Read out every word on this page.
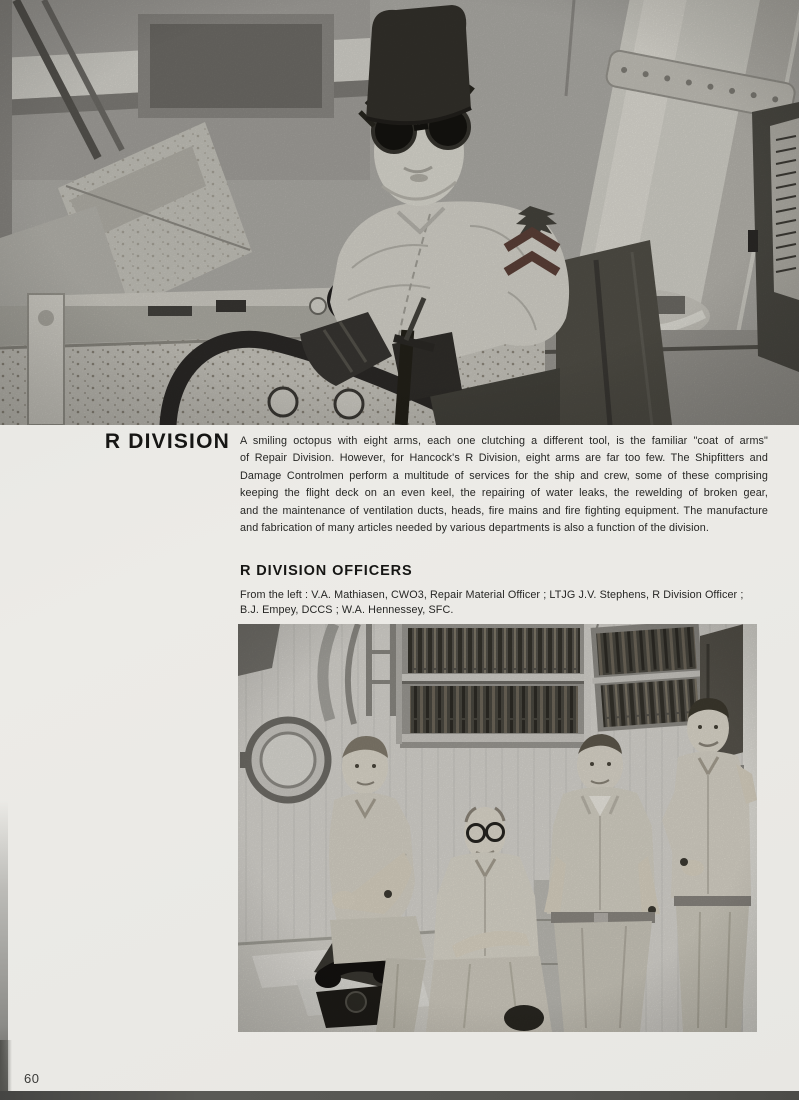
R DIVISION A smiling octopus with eight arms, each one clutching a different tool, is the familiar "coat of arms"
of Repair Division. However, for Hancock's R Division, eight arms are far too few. The Shipfitters and
Damage Controlmen perform a multitude of services for the ship and crew, some of these comprising
keeping the flight deck on an even keel, the repairing of water leaks, the rewelding of broken gear,
and the maintenance of ventilation ducts, heads, fire mains and fire fighting equipment. The manufacture
and fabrication of many articles needed by various departments is also a function of the division.
R DIVISION OFFICERS
From the left : V.A. Mathiasen, CWO3, Repair Material Officer ; LTJG J.V. Stephens, R Division Officer ;
B.J. Empey, DCCS ; W.A. Hennessey, SFC.
60
